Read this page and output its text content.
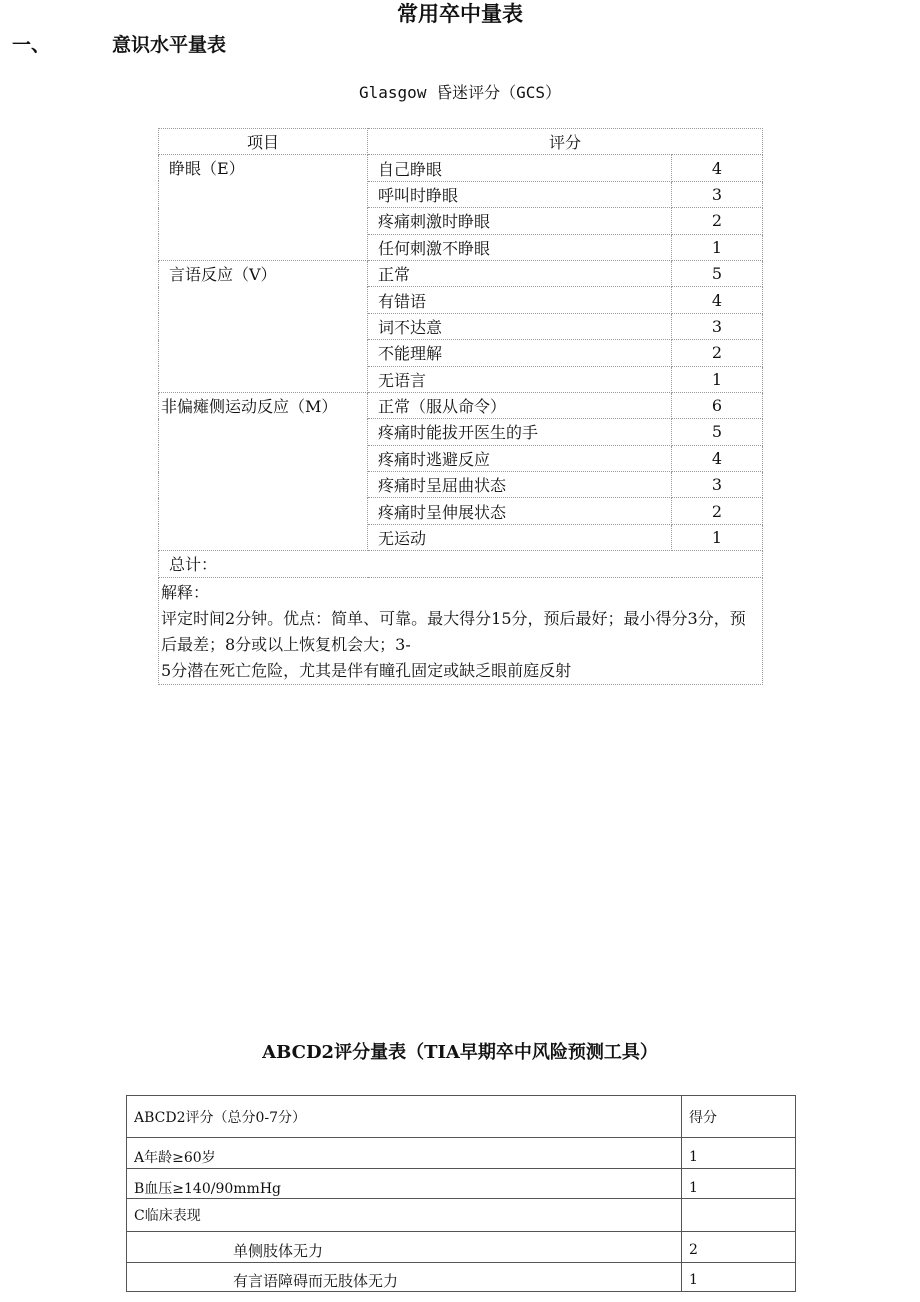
常用卒中量表
一、	意识水平量表
Glasgow 昏迷评分（GCS）
项目	评分	
睁眼（E）	自己睁眼	4
	呼叫时睁眼	3
	疼痛刺激时睁眼	2
	任何刺激不睁眼	1
言语反应（V）	正常	5
	有错语	4
	词不达意	3
	不能理解	2
	无语言	1
非偏瘫侧运动反应（M）	正常（服从命令）	6
	疼痛时能拔开医生的手	5
	疼痛时逃避反应	4
	疼痛时呈屈曲状态	3
	疼痛时呈伸展状态	2
	无运动	1
总计：		

解释：
评定时间2分钟。优点：简单、可靠。最大得分15分，预后最好；最小得分3分，预后最差；8分或以上恢复机会大；3-
5分潜在死亡危险，尤其是伴有瞳孔固定或缺乏眼前庭反射		
ABCD2评分量表（TIA早期卒中风险预测工具）
ABCD2评分（总分0-7分）	得分
A年龄≥60岁	1
B血压≥140/90mmHg	1
C临床表现	
单侧肢体无力	2
有言语障碍而无肢体无力	1
